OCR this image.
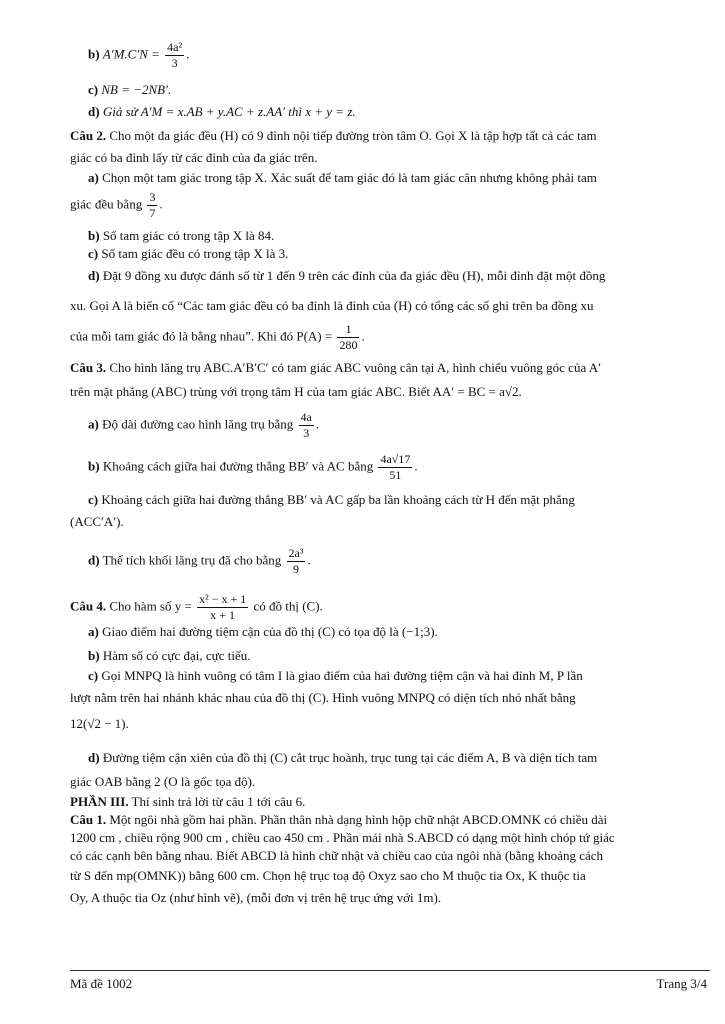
b) $A'M.C'N = \frac{\text{4a²}}{3}$ .
c) NB = −2NB′.
d) Giả sử A′M = x.AB + y.AC + z.AA′ thì x + y = z.
Câu 2. Cho một đa giác đều (H) có 9 đỉnh nội tiếp đường tròn tâm O. Gọi X là tập hợp tất cả các tam
giác có ba đỉnh lấy từ các đỉnh của đa giác trên.
a) Chọn một tam giác trong tập X. Xác suất để tam giác đó là tam giác cân nhưng không phải tam
giác đều bằng $\frac{3}{7}$ .
b) Số tam giác có trong tập X là 84.
c) Số tam giác đều có trong tập X là 3.
d) Đặt 9 đồng xu được đánh số từ 1 đến 9 trên các đỉnh của đa giác đều (H), mỗi đỉnh đặt một đồng
xu. Gọi A là biến cố “Các tam giác đều có ba đỉnh là đỉnh của (H) có tổng các số ghi trên ba đồng xu
của mỗi tam giác đó là bằng nhau”. Khi đó $P(A) = \frac{1}{280}$ .
Câu 3. Cho hình lăng trụ ABC.A′B′C′ có tam giác ABC vuông cân tại A, hình chiếu vuông góc của A′
trên mặt phẳng (ABC) trùng với trọng tâm H của tam giác ABC. Biết AA′ = BC = a√2.
a) Độ dài đường cao hình lăng trụ bằng $\frac{4a}{3}$ .
b) Khoảng cách giữa hai đường thẳng BB′ và AC bằng $\frac{4a√17}{51}$ .
c) Khoảng cách giữa hai đường thẳng BB′ và AC gấp ba lần khoảng cách từ H đến mặt phẳng
(ACC′A′).
d) Thể tích khối lăng trụ đã cho bằng $\frac{\text{2a³}}{9}$ .
Câu 4. Cho hàm số $y = \frac{\text{x² − x + 1}}{x + 1}$ có đồ thị (C).
a) Giao điểm hai đường tiệm cận của đồ thị (C) có tọa độ là (−1;3).
b) Hàm số có cực đại, cực tiểu.
c) Gọi MNPQ là hình vuông có tâm I là giao điểm của hai đường tiệm cận và hai đỉnh M, P lần
lượt nằm trên hai nhánh khác nhau của đồ thị (C). Hình vuông MNPQ có diện tích nhỏ nhất bằng
12(√2 − 1).
d) Đường tiệm cận xiên của đồ thị (C) cắt trục hoành, trục tung tại các điểm A, B và diện tích tam
giác OAB bằng 2 (O là gốc tọa độ).
PHẦN III. Thí sinh trả lời từ câu 1 tới câu 6.
Câu 1. Một ngôi nhà gồm hai phần. Phần thân nhà dạng hình hộp chữ nhật ABCD.OMNK có chiều dài
1200 cm , chiều rộng 900 cm , chiều cao 450 cm . Phần mái nhà S.ABCD có dạng một hình chóp tứ giác
có các cạnh bên bằng nhau. Biết ABCD là hình chữ nhật và chiều cao của ngôi nhà (bằng khoảng cách
từ S đến mp(OMNK)) bằng 600 cm. Chọn hệ trục toạ độ Oxyz sao cho M thuộc tia Ox, K thuộc tia
Oy, A thuộc tia Oz (như hình vẽ), (mỗi đơn vị trên hệ trục ứng với 1m).
Mã đề 1002	Trang 3/4
